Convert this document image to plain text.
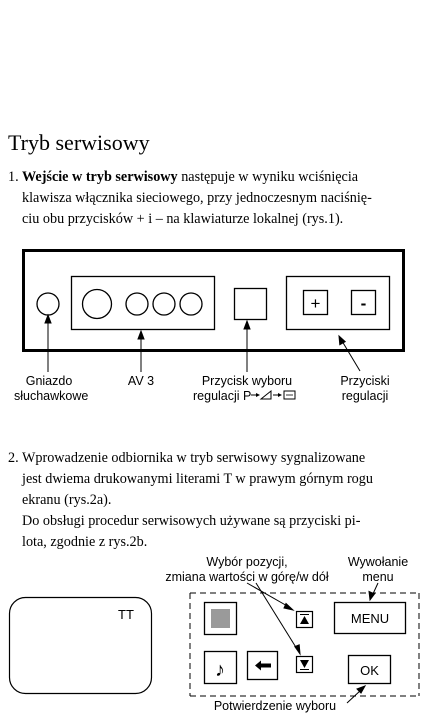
Tryb serwisowy
1. Wejście w tryb serwisowy następuje w wyniku wciśnięcia
klawisza włącznika sieciowego, przy jednoczesnym naciśnię-
ciu obu przycisków + i – na klawiaturze lokalnej (rys.1).
+ -
♪
MENU
OK
Gniazdo
słuchawkowe
AV 3	Przycisk wyboru
regulacji P
Przyciski
regulacji
2. Wprowadzenie odbiornika w tryb serwisowy sygnalizowane
jest dwiema drukowanymi literami T w prawym górnym rogu
ekranu (rys.2a).
Do obsługi procedur serwisowych używane są przyciski pi-
lota, zgodnie z rys.2b.
TT
Wybór pozycji,
zmiana wartości w górę/w dół
Wywołanie
menu
Potwierdzenie wyboru
